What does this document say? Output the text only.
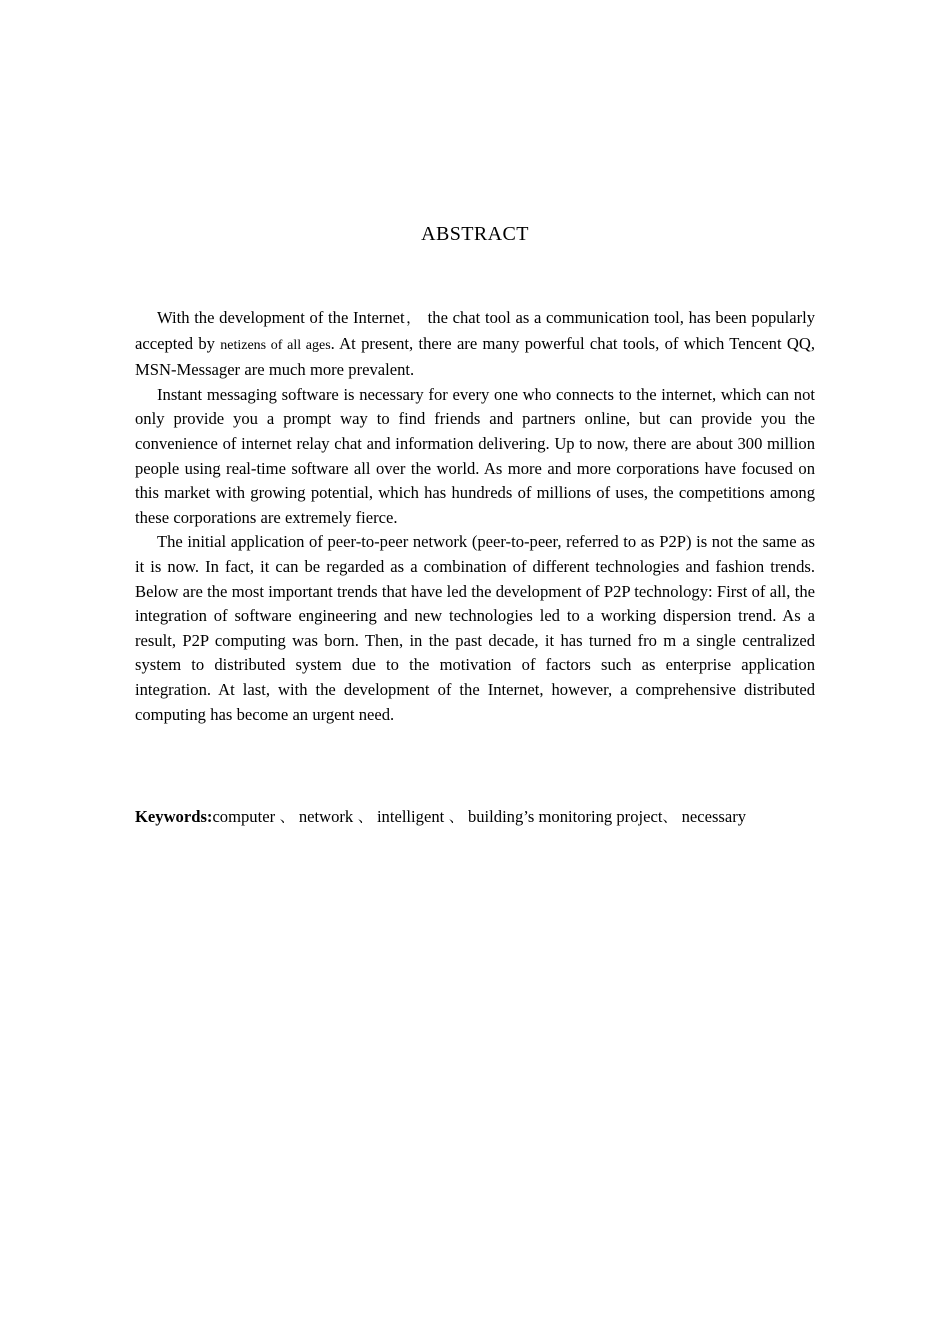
ABSTRACT

With the development of the Internet， the chat tool as a communication tool, has been popularly accepted by netizens of all ages. At present, there are many powerful chat tools, of which Tencent QQ, MSN-Messager are much more prevalent.

Instant messaging software is necessary for every one who connects to the internet, which can not only provide you a prompt way to find friends and partners online, but can provide you the convenience of internet relay chat and information delivering. Up to now, there are about 300 million people using real-time software all over the world. As more and more corporations have focused on this market with growing potential, which has hundreds of millions of uses, the competitions among these corporations are extremely fierce.

The initial application of peer-to-peer network (peer-to-peer, referred to as P2P) is not the same as it is now. In fact, it can be regarded as a combination of different technologies and fashion trends. Below are the most important trends that have led the development of P2P technology: First of all, the integration of software engineering and new technologies led to a working dispersion trend. As a result, P2P computing was born. Then, in the past decade, it has turned fro m a single centralized system to distributed system due to the motivation of factors such as enterprise application integration. At last, with the development of the Internet, however, a comprehensive distributed computing has become an urgent need.

Keywords:computer 、 network 、 intelligent 、 building’s monitoring project、 necessary
